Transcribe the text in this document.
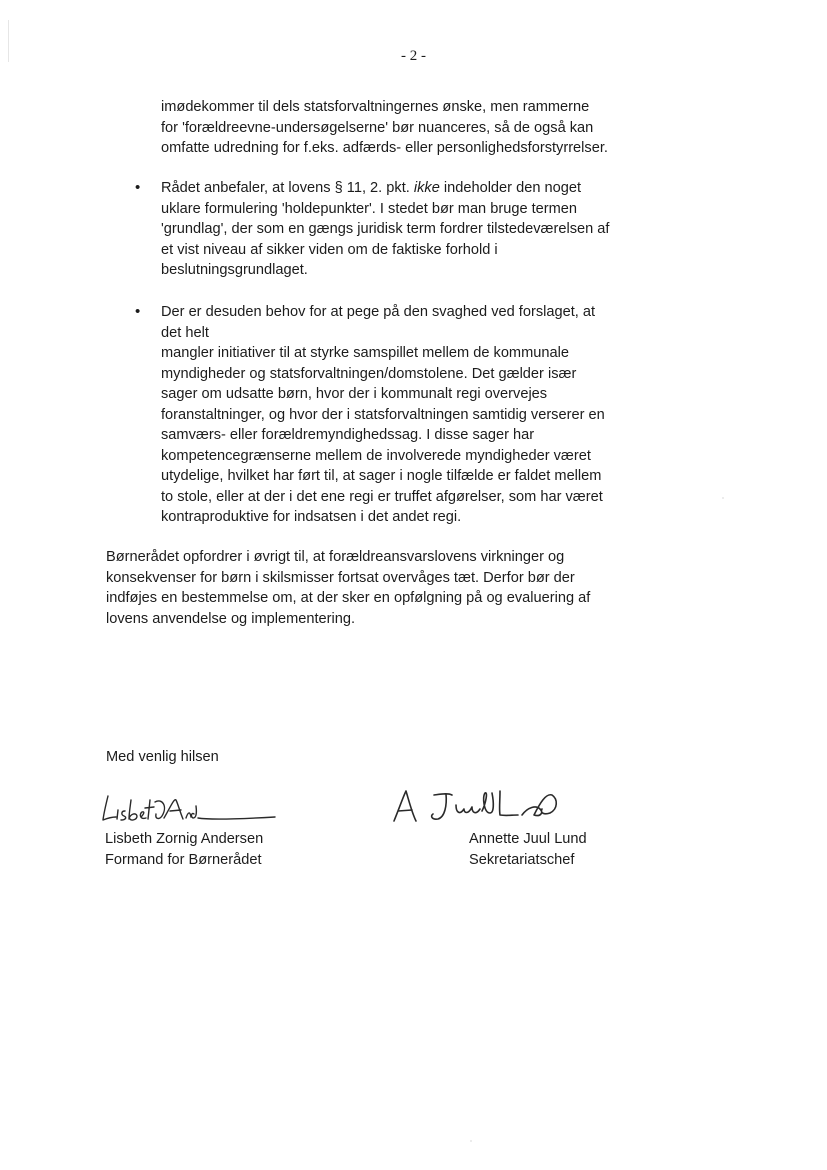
- 2 -
imødekommer til dels statsforvaltningernes ønske, men rammerne
for 'forældreevne-undersøgelserne' bør nuanceres, så de også kan
omfatte udredning for f.eks. adfærds- eller personlighedsforstyrrelser.
• Rådet anbefaler, at lovens § 11, 2. pkt. ikke indeholder den noget
uklare formulering 'holdepunkter'. I stedet bør man bruge termen
'grundlag', der som en gængs juridisk term fordrer tilstedeværelsen af
et vist niveau af sikker viden om de faktiske forhold i
beslutningsgrundlaget.
• Der er desuden behov for at pege på den svaghed ved forslaget, at
det helt
mangler initiativer til at styrke samspillet mellem de kommunale
myndigheder og statsforvaltningen/domstolene. Det gælder især
sager om udsatte børn, hvor der i kommunalt regi overvejes
foranstaltninger, og hvor der i statsforvaltningen samtidig verserer en
samværs- eller forældremyndighedssag. I disse sager har
kompetencegrænserne mellem de involverede myndigheder været
utydelige, hvilket har ført til, at sager i nogle tilfælde er faldet mellem
to stole, eller at der i det ene regi er truffet afgørelser, som har været
kontraproduktive for indsatsen i det andet regi.
Børnerådet opfordrer i øvrigt til, at forældreansvarslovens virkninger og
konsekvenser for børn i skilsmisser fortsat overvåges tæt. Derfor bør der
indføjes en bestemmelse om, at der sker en opfølgning på og evaluering af
lovens anvendelse og implementering.
Med venlig hilsen
Lisbeth Zornig Andersen
Formand for Børnerådet
Annette Juul Lund
Sekretariatschef
